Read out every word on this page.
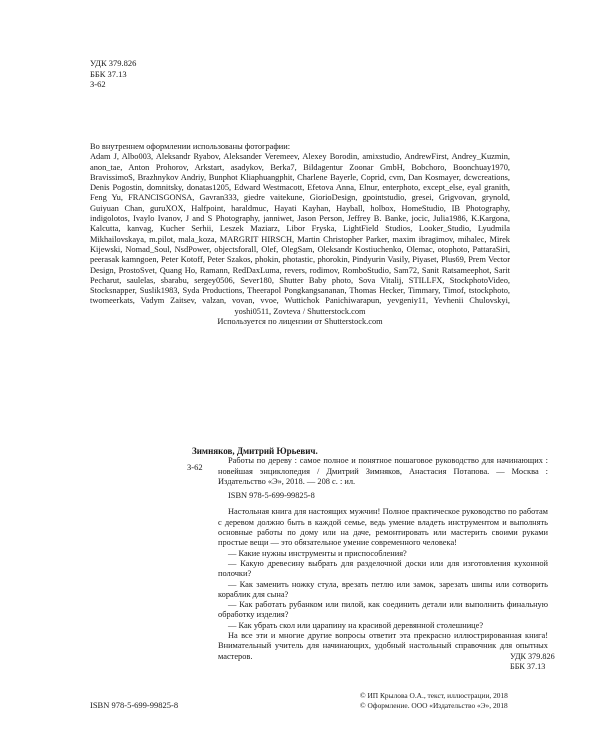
УДК 379.826
ББК 37.13
З-62
Во внутреннем оформлении использованы фотографии:
Adam J, Albo003, Aleksandr Ryabov, Aleksander Veremeev, Alexey Borodin, amixstudio, AndrewFirst, Andrey_Kuzmin, anon_tae, Anton Prohorov, Arkstart, asadykov, Berka7, Bildagentur Zoonar GmbH, Bobchoro, Boonchuay1970, BravissimoS, Brazhnykov Andriy, Bunphot Kliaphuangphit, Charlene Bayerle, Coprid, cvm, Dan Kosmayer, dcwcreations, Denis Pogostin, domnitsky, donatas1205, Edward Westmacott, Efetova Anna, Elnur, enterphoto, except_else, eyal granith, Feng Yu, FRANCISGONSA, Gavran333, giedre vaitekune, GiorioDesign, gpointstudio, gresei, Grigvovan, grynold, Guiyuan Chan, guruXOX, Halfpoint, haraldmuc, Hayati Kayhan, Hayball, holbox, HomeStudio, IB Photography, indigolotos, Ivaylo Ivanov, J and S Photography, janniwet, Jason Person, Jeffrey B. Banke, jocic, Julia1986, K.Kargona, Kalcutta, kanvag, Kucher Serhii, Leszek Maziarz, Libor Fryska, LightField Studios, Looker_Studio, Lyudmila Mikhailovskaya, m.pilot, mala_koza, MARGRIT HIRSCH, Martin Christopher Parker, maxim ibragimov, mihalec, Mirek Kijewski, Nomad_Soul, NsdPower, objectsforall, Olef, OlegSam, Oleksandr Kostiuchenko, Olemac, otophoto, PattaraSiri, peerasak kamngoen, Peter Kotoff, Peter Szakos, phokin, photastic, phorokin, Pindyurin Vasily, Piyaset, Plus69, Prem Vector Design, ProstoSvet, Quang Ho, Ramann, RedDaxLuma, revers, rodimov, RomboStudio, Sam72, Sanit Ratsameephot, Sarit Pecharut, saulelas, sbarabu, sergey0506, Sever180, Shutter Baby photo, Sova Vitalij, STILLFX, StockphotoVideo, Stocksnapper, Suslik1983, Syda Productions, Theerapol Pongkangsananan, Thomas Hecker, Timmary, Timof, tstockphoto, twomeerkats, Vadym Zaitsev, valzan, vovan, vvoe, Wuttichok Panichiwarapun, yevgeniy11, Yevhenii Chulovskyi, yoshi0511, Zovteva / Shutterstock.com
Используется по лицензии от Shutterstock.com
З-62
Зимняков, Дмитрий Юрьевич.
Работы по дереву : самое полное и понятное пошаговое руководство для начинающих : новейшая энциклопедия / Дмитрий Зимняков, Анастасия Потапова. — Москва : Издательство «Э», 2018. — 208 с. : ил.
ISBN 978-5-699-99825-8

Настольная книга для настоящих мужчин! Полное практическое руководство по работам с деревом должно быть в каждой семье, ведь умение владеть инструментом и выполнять основные работы по дому или на даче, ремонтировать или мастерить своими руками простые вещи — это обязательное умение современного человека!

— Какие нужны инструменты и приспособления?

— Какую древесину выбрать для разделочной доски или для изготовления кухонной полочки?

— Как заменить ножку стула, врезать петлю или замок, зарезать шипы или сотворить кораблик для сына?

— Как работать рубанком или пилой, как соединить детали или выполнить финальную обработку изделия?

— Как убрать скол или царапину на красивой деревянной столешнице?

На все эти и многие другие вопросы ответит эта прекрасно иллюстрированная книга! Внимательный учитель для начинающих, удобный настольный справочник для опытных мастеров.	УДК 379.826
ББК 37.13
ISBN 978-5-699-99825-8
© ИП Крылова О.А., текст, иллюстрации, 2018
© Оформление. ООО «Издательство «Э», 2018
